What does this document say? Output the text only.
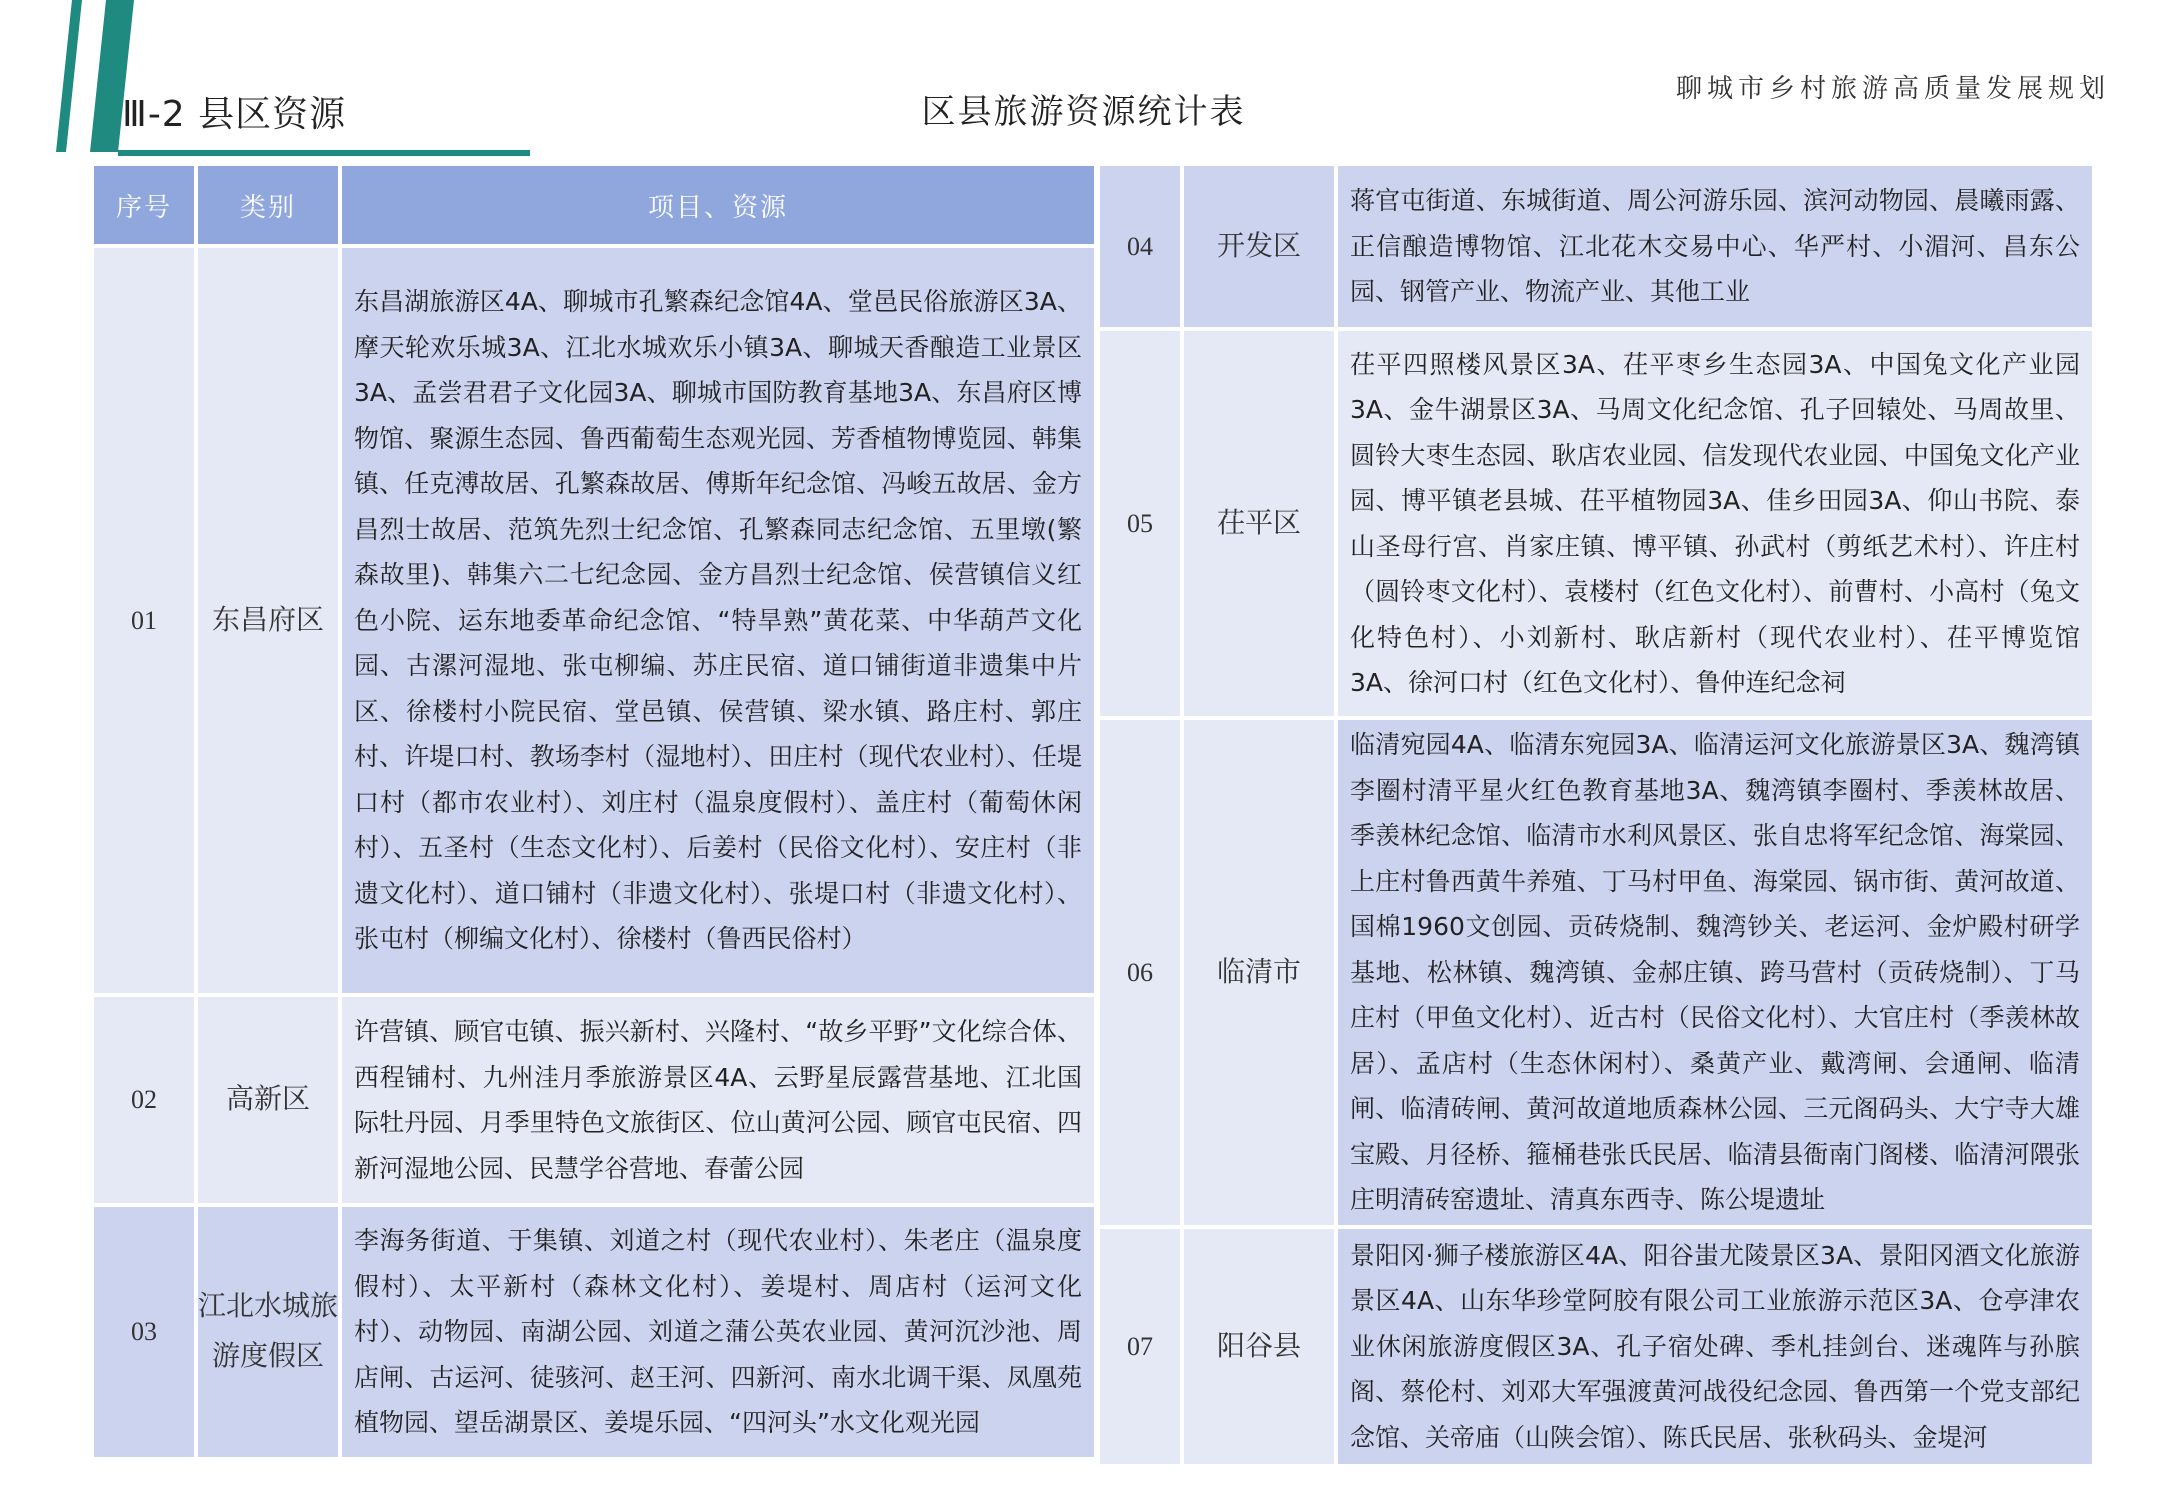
Ⅲ-2 县区资源	区县旅游资源统计表
聊城市乡村旅游高质量发展规划
序号	类别	项目、资源
01	东昌府区	东昌湖旅游区4A、聊城市孔繁森纪念馆4A、堂邑民俗旅游区3A、摩天轮欢乐城3A、江北水城欢乐小镇3A、聊城天香酿造工业景区3A、孟尝君君子文化园3A、聊城市国防教育基地3A、东昌府区博物馆、聚源生态园、鲁西葡萄生态观光园、芳香植物博览园、韩集镇、任克溥故居、孔繁森故居、傅斯年纪念馆、冯峻五故居、金方昌烈士故居、范筑先烈士纪念馆、孔繁森同志纪念馆、五里墩(繁森故里)、韩集六二七纪念园、金方昌烈士纪念馆、侯营镇信义红色小院、运东地委革命纪念馆、“特旱熟”黄花菜、中华葫芦文化园、古漯河湿地、张屯柳编、苏庄民宿、道口铺街道非遗集中片区、徐楼村小院民宿、堂邑镇、侯营镇、梁水镇、路庄村、郭庄村、许堤口村、教场李村（湿地村）、田庄村（现代农业村）、任堤口村（都市农业村）、刘庄村（温泉度假村）、盖庄村（葡萄休闲村）、五圣村（生态文化村）、后姜村（民俗文化村）、安庄村（非遗文化村）、道口铺村（非遗文化村）、张堤口村（非遗文化村）、张屯村（柳编文化村）、徐楼村（鲁西民俗村）
02	高新区	许营镇、顾官屯镇、振兴新村、兴隆村、“故乡平野”文化综合体、西程铺村、九州洼月季旅游景区4A、云野星辰露营基地、江北国际牡丹园、月季里特色文旅街区、位山黄河公园、顾官屯民宿、四新河湿地公园、民慧学谷营地、春蕾公园
03	江北水城旅游度假区	李海务街道、于集镇、刘道之村（现代农业村）、朱老庄（温泉度假村）、太平新村（森林文化村）、姜堤村、周店村（运河文化村）、动物园、南湖公园、刘道之蒲公英农业园、黄河沉沙池、周店闸、古运河、徒骇河、赵王河、四新河、南水北调干渠、凤凰苑植物园、望岳湖景区、姜堤乐园、“四河头”水文化观光园
04	开发区	蒋官屯街道、东城街道、周公河游乐园、滨河动物园、晨曦雨露、正信酿造博物馆、江北花木交易中心、华严村、小湄河、昌东公园、钢管产业、物流产业、其他工业
05	茌平区	茌平四照楼风景区3A、茌平枣乡生态园3A、中国兔文化产业园3A、金牛湖景区3A、马周文化纪念馆、孔子回辕处、马周故里、圆铃大枣生态园、耿店农业园、信发现代农业园、中国兔文化产业园、博平镇老县城、茌平植物园3A、佳乡田园3A、仰山书院、泰山圣母行宫、肖家庄镇、博平镇、孙武村（剪纸艺术村）、许庄村（圆铃枣文化村）、袁楼村（红色文化村）、前曹村、小高村（兔文化特色村）、小刘新村、耿店新村（现代农业村）、茌平博览馆3A、徐河口村（红色文化村）、鲁仲连纪念祠
06	临清市	临清宛园4A、临清东宛园3A、临清运河文化旅游景区3A、魏湾镇李圈村清平星火红色教育基地3A、魏湾镇李圈村、季羡林故居、季羡林纪念馆、临清市水利风景区、张自忠将军纪念馆、海棠园、上庄村鲁西黄牛养殖、丁马村甲鱼、海棠园、锅市街、黄河故道、国棉1960文创园、贡砖烧制、魏湾钞关、老运河、金炉殿村研学基地、松林镇、魏湾镇、金郝庄镇、跨马营村（贡砖烧制）、丁马庄村（甲鱼文化村）、近古村（民俗文化村）、大官庄村（季羡林故居）、孟店村（生态休闲村）、桑黄产业、戴湾闸、会通闸、临清闸、临清砖闸、黄河故道地质森林公园、三元阁码头、大宁寺大雄宝殿、月径桥、箍桶巷张氏民居、临清县衙南门阁楼、临清河隈张庄明清砖窑遗址、清真东西寺、陈公堤遗址
07	阳谷县	景阳冈·狮子楼旅游区4A、阳谷蚩尤陵景区3A、景阳冈酒文化旅游景区4A、山东华珍堂阿胶有限公司工业旅游示范区3A、仓亭津农业休闲旅游度假区3A、孔子宿处碑、季札挂剑台、迷魂阵与孙膑阁、蔡伦村、刘邓大军强渡黄河战役纪念园、鲁西第一个党支部纪念馆、关帝庙（山陕会馆）、陈氏民居、张秋码头、金堤河
